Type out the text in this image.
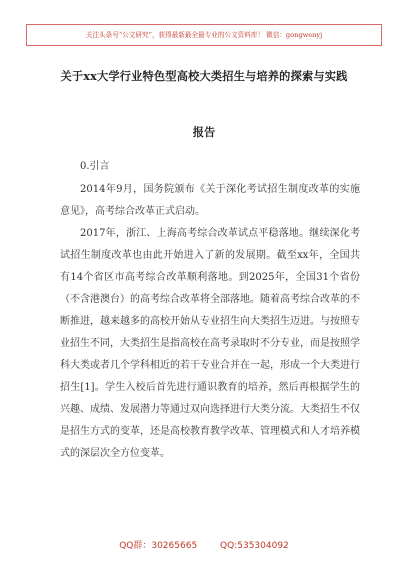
关注头条号“公文研究”，获得最新最全最专业的公文资料库！ 微信：gongwenyj
关于xx大学行业特色型高校大类招生与培养的探索与实践
报告

0.引言

2014年9月，国务院颁布《关于深化考试招生制度改革的实施意见》，高考综合改革正式启动。

2017年，浙江、上海高考综合改革试点平稳落地。继续深化考试招生制度改革也由此开始进入了新的发展期。截至xx年，全国共有14个省区市高考综合改革顺利落地。到2025年，全国31个省份（不含港澳台）的高考综合改革将全部落地。随着高考综合改革的不断推进，越来越多的高校开始从专业招生向大类招生迈进。与按照专业招生不同，大类招生是指高校在高考录取时不分专业，而是按照学科大类或者几个学科相近的若干专业合并在一起，形成一个大类进行招生[1]。学生入校后首先进行通识教育的培养，然后再根据学生的兴趣、成绩、发展潜力等通过双向选择进行大类分流。大类招生不仅是招生方式的变革，还是高校教育教学改革、管理模式和人才培养模式的深层次全方位变革。

QQ群：30265665	QQ:535304092
